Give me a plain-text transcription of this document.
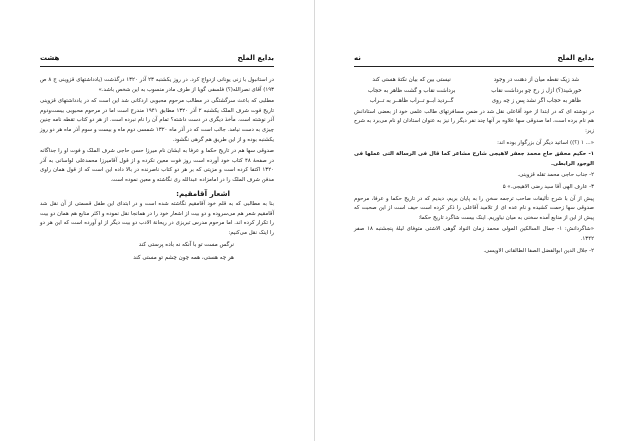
هشت	بدایع الملح

در استانبول با زنی یونانی ازدواج کرد. در روز یکشنبه ۲۳ آذر ۱۳۲۰ درگذشت (یادداشتهای قزوینی ج ۸ ص ۱۹۳) آقای نصرالله(؟) فلسفی گویا از طرف مادر منسوب به این شخص باشد.»

مطلبی که باعث سرگشتگی در مطالب مرحوم محبوبی اردکانی شد این است که در یادداشتهای قزوینی تاریخ فوت شرف الملک یکشنبه ۲ آذر ۱۳۲۰ مطابق ۱۹۴۱ مندرج است اما در مرحوم محبوبی بیست‌ودوم آذر نوشته است. مأخذ دیگری در دست داشته؟ تمام آن را نام نبرده است. از هر دو کتاب تقطه نامه چنین چیزی به دست نیامد. جالب است که در آذر ماه ۱۳۲۰ شمسی دوم ماه و بیست و سوم آذر ماه هر دو روز یکشنبه بوده و از این طریق هم گرهی نگشود.

صدوقی سها هم در تاریخ حکما و عرفا به ایشان نام میرزا حسن حاجی شرف الملک و فوت او را جداگانه در صفحهٔ ۴۸ کتاب خود آورده است روز فوت معین نکرده و از قول آقامیرزا محمدعلی لواسانی به آذر ۱۳۲۰ اکتفا کرده است و مزیتی که بر هر دو کتاب ناصرنده در بالا داده این است که از قول همان راوی مدفن شرف الملک را در امامزاده عبدالله ری نگاشته و معین نموده است.

اشعار آقامقیم:

بنا به مطالبی که به قلم خود آقامقیم نگاشته شده است و در ابتدای این طفل قسمتی از آن نقل شد آقامقیم شعر هم می‌سروده و دو بیت از اشعار خود را در همانجا نقل نموده و اکثر منابع هم همان دو بیت را تکرار کرده اند. اما مرحوم مدرس تبریزی در ریحانة الادب دو بیت دیگر از او آورده است که این هر دو را اینک نقل می‌کنیم:

نرگس مست تو با آنکه نه باده پرستی کند
هر چه هستی، همه چون چشم تو مستی کند
نه	بدایع الملح
شد زیک نقطه میان از دهنت در وجود
نیستی بین که بیان نکتهٔ هستی کند
خورشید(؟) ازل ز رخ چو برداشت نقاب
برداشت نقاب و گشت ظاهر به حجاب
ظاهر به حجاب اگر نشد پس ز چه روی
گــردید ابــو تــراب ظاهــر به تــراب

در نوشته ای که در ابتدا از خود آقاعلی نقل شد در ضمن مسافرتهای طالب علمی خود از بعضی استادانش هم نام برده است، اما صدوقی سها علاوه بر آنها چند نفر دیگر را نیز به عنوان استادان او نام می‌برد به شرح زیر:

«... ۱ (؟)) اساتید دیگر آن بزرگوار بوده اند:

۱- حکیم محقق حاج محمد جعفر لاهیجی شارح مشاعر کما قال فی الرسالة التی عملها فی الوجود الرابطی.
۲- جناب حاجی محمد تقله قزوینی.
۳- عارف الهی آقا سید رضی الاهیجی.» ۵

پیش از آن با شرح تألیفات صاحب ترجمه سخن را به پایان بریم، دیدیم که در تاریخ حکما و عرفا، مرحوم صدوقی سها زحمت کشیده و نام عده ای از تلامید آقاعلی را ذکر کرده است حیف است از این صحبت که پیش از این از منابع آمده سخنی به میان نیاوریم. اینک بیست شاگرد تاریخ حکما:

«شاگردانش: ۱- جمال السالکین المولی محمد زمان النواد گوهی الاشتی متوفای لیلهٔ پنجشنبه ۱۸ صفر ۱۳۴۲.

۲- جلال الدین ابوالفضل الصفا الطالقانی الاویسی.
